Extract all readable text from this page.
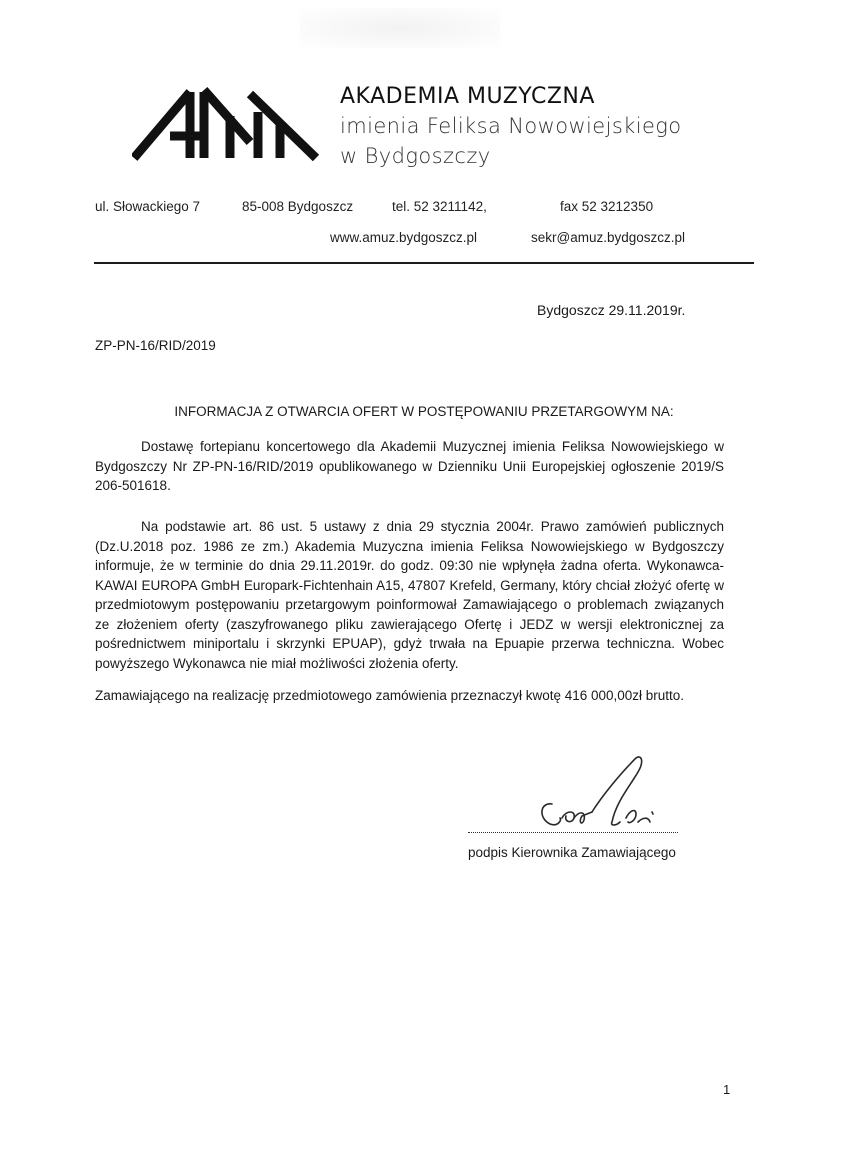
AKADEMIA MUZYCZNA
imienia Feliksa Nowowiejskiego
w Bydgoszczy
ul. Słowackiego 7	85-008 Bydgoszcz	tel. 52 3211142,	fax 52 3212350
www.amuz.bydgoszcz.pl	sekr@amuz.bydgoszcz.pl
Bydgoszcz 29.11.2019r.
ZP-PN-16/RID/2019
INFORMACJA Z OTWARCIA OFERT W POSTĘPOWANIU PRZETARGOWYM NA:
Dostawę fortepianu koncertowego dla Akademii Muzycznej imienia Feliksa Nowowiejskiego w Bydgoszczy Nr ZP-PN-16/RID/2019 opublikowanego w Dzienniku Unii Europejskiej ogłoszenie 2019/S 206-501618.
Na podstawie art. 86 ust. 5 ustawy z dnia 29 stycznia 2004r. Prawo zamówień publicznych (Dz.U.2018 poz. 1986 ze zm.) Akademia Muzyczna imienia Feliksa Nowowiejskiego w Bydgoszczy informuje, że w terminie do dnia 29.11.2019r. do godz. 09:30 nie wpłynęła żadna oferta. Wykonawca- KAWAI EUROPA GmbH Europark-Fichtenhain A15, 47807 Krefeld, Germany, który chciał złożyć ofertę w przedmiotowym postępowaniu przetargowym poinformował Zamawiającego o problemach związanych ze złożeniem oferty (zaszyfrowanego pliku zawierającego Ofertę i JEDZ w wersji elektronicznej za pośrednictwem miniportalu i skrzynki EPUAP), gdyż trwała na Epuapie przerwa techniczna. Wobec powyższego Wykonawca nie miał możliwości złożenia oferty.
Zamawiającego na realizację przedmiotowego zamówienia przeznaczył kwotę 416 000,00zł brutto.
podpis Kierownika Zamawiającego
1
